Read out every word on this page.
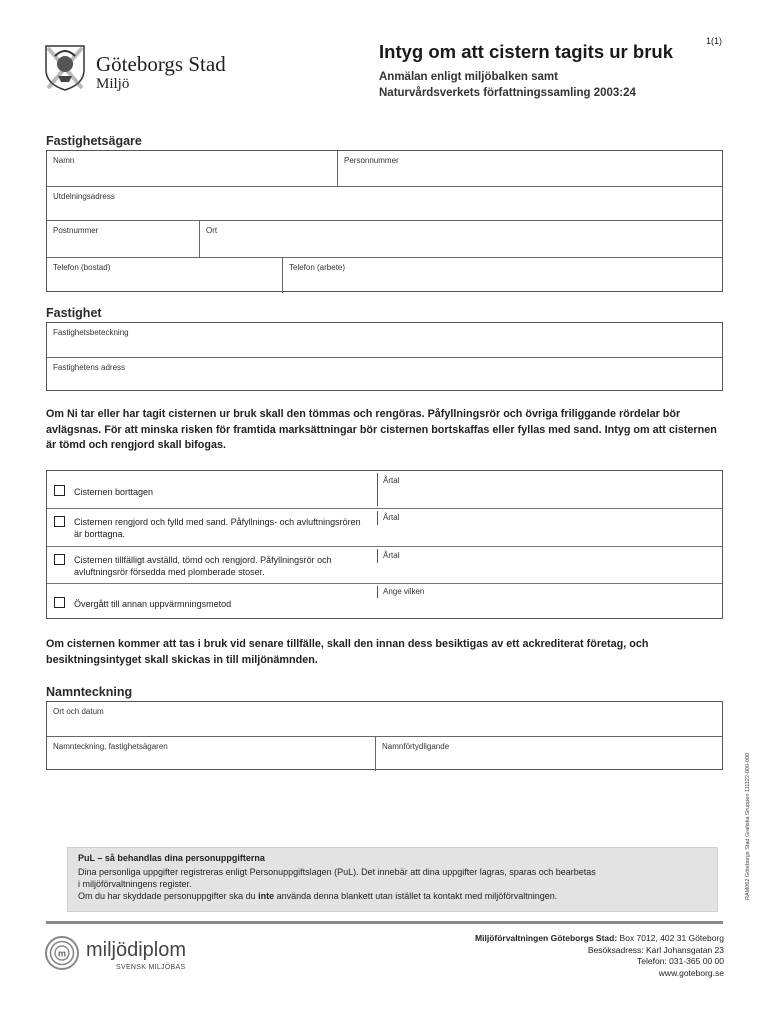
1(1)
Göteborgs Stad
Miljö
Intyg om att cistern tagits ur bruk
Anmälan enligt miljöbalken samt
Naturvårdsverkets författningssamling 2003:24
Fastighetsägare
Namn	Personnummer
Utdelningsadress
Postnummer	Ort
Telefon (bostad)	Telefon (arbete)
Fastighet
Fastighetsbeteckning
Fastighetens adress
Om Ni tar eller har tagit cisternen ur bruk skall den tömmas och rengöras. Påfyllningsrör och övriga friliggande rördelar bör avlägsnas. För att minska risken för framtida marksättningar bör cisternen bortskaffas eller fyllas med sand. Intyg om att cisternen är tömd och rengjord skall bifogas.
Cisternen borttagen
Årtal
Cisternen rengjord och fylld med sand. Påfyllnings- och avluftningsrören är borttagna.
Årtal
Cisternen tillfälligt avställd, tömd och rengjord. Påfyllningsrör och avluftningsrör försedda med plomberade stoser.
Årtal
Övergått till annan uppvärmningsmetod
Ange vilken
Om cisternen kommer att tas i bruk vid senare tillfälle, skall den innan dess besiktigas av ett ackrediterat företag, och besiktningsintyget skall skickas in till miljönämnden.
Namnteckning
Ort och datum
Namnteckning, fastighetsägaren	Namnförtydligande
RAM062 Göteborgs Stad Grafiska Gruppen 111122-000-000
PuL – så behandlas dina personuppgifterna
Dina personliga uppgifter registreras enligt Personuppgiftslagen (PuL). Det innebär att dina uppgifter lagras, sparas och bearbetas
i miljöförvaltningens register.
Om du har skyddade personuppgifter ska du inte använda denna blankett utan istället ta kontakt med miljöförvaltningen.
m miljödiplom
SVENSK MILJÖBAS
Miljöförvaltningen Göteborgs Stad: Box 7012, 402 31 Göteborg
Besöksadress: Karl Johansgatan 23
Telefon: 031-365 00 00
www.goteborg.se
